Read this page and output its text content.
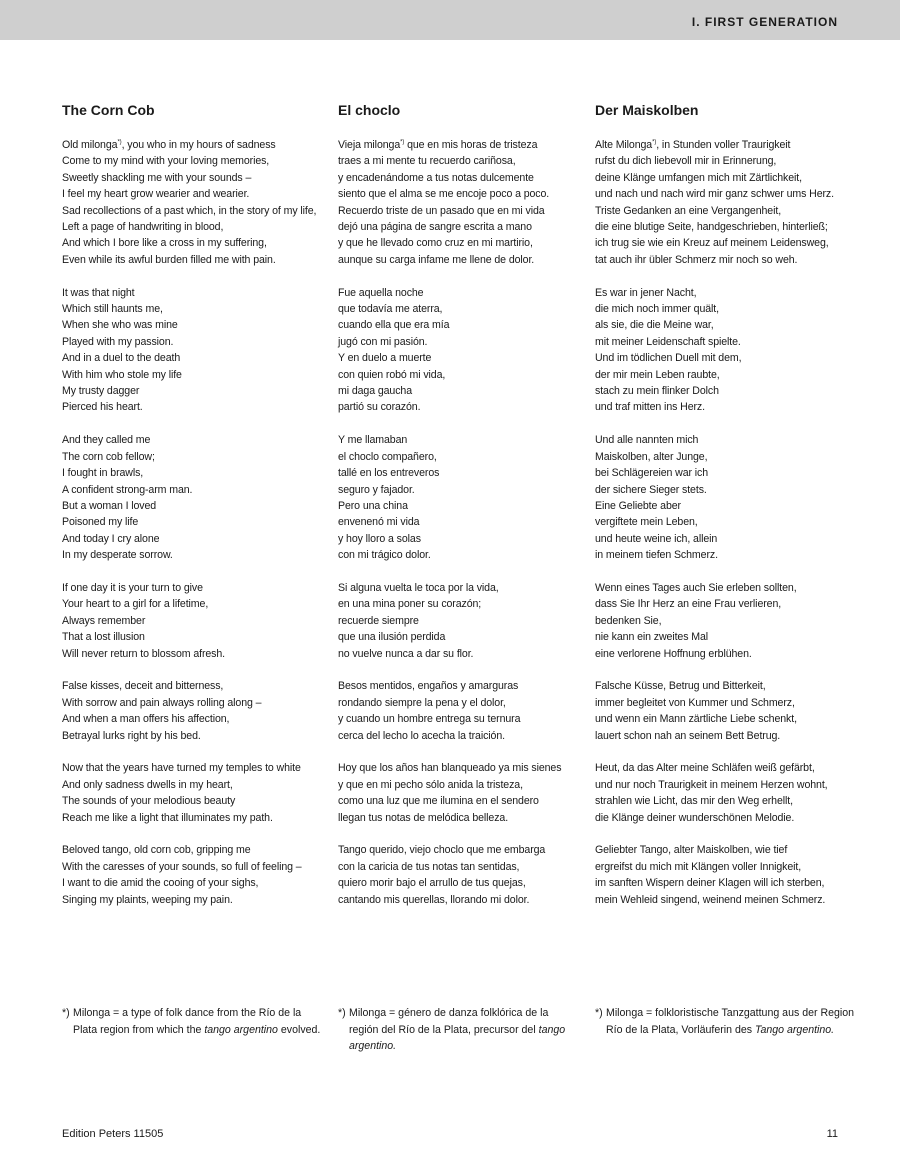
I. FIRST GENERATION
The Corn Cob
Old milonga*), you who in my hours of sadness
Come to my mind with your loving memories,
Sweetly shackling me with your sounds –
I feel my heart grow wearier and wearier.
Sad recollections of a past which, in the story of my life,
Left a page of handwriting in blood,
And which I bore like a cross in my suffering,
Even while its awful burden filled me with pain.
It was that night
Which still haunts me,
When she who was mine
Played with my passion.
And in a duel to the death
With him who stole my life
My trusty dagger
Pierced his heart.
And they called me
The corn cob fellow;
I fought in brawls,
A confident strong-arm man.
But a woman I loved
Poisoned my life
And today I cry alone
In my desperate sorrow.
If one day it is your turn to give
Your heart to a girl for a lifetime,
Always remember
That a lost illusion
Will never return to blossom afresh.
False kisses, deceit and bitterness,
With sorrow and pain always rolling along –
And when a man offers his affection,
Betrayal lurks right by his bed.
Now that the years have turned my temples to white
And only sadness dwells in my heart,
The sounds of your melodious beauty
Reach me like a light that illuminates my path.
Beloved tango, old corn cob, gripping me
With the caresses of your sounds, so full of feeling –
I want to die amid the cooing of your sighs,
Singing my plaints, weeping my pain.
El choclo
Vieja milonga*) que en mis horas de tristeza
traes a mi mente tu recuerdo cariñosa,
y encadenándome a tus notas dulcemente
siento que el alma se me encoje poco a poco.
Recuerdo triste de un pasado que en mi vida
dejó una página de sangre escrita a mano
y que he llevado como cruz en mi martirio,
aunque su carga infame me llene de dolor.
Fue aquella noche
que todavía me aterra,
cuando ella que era mía
jugó con mi pasión.
Y en duelo a muerte
con quien robó mi vida,
mi daga gaucha
partió su corazón.
Y me llamaban
el choclo compañero,
tallé en los entreveros
seguro y fajador.
Pero una china
envenenó mi vida
y hoy lloro a solas
con mi trágico dolor.
Si alguna vuelta le toca por la vida,
en una mina poner su corazón;
recuerde siempre
que una ilusión perdida
no vuelve nunca a dar su flor.
Besos mentidos, engaños y amarguras
rondando siempre la pena y el dolor,
y cuando un hombre entrega su ternura
cerca del lecho lo acecha la traición.
Hoy que los años han blanqueado ya mis sienes
y que en mi pecho sólo anida la tristeza,
como una luz que me ilumina en el sendero
llegan tus notas de melódica belleza.
Tango querido, viejo choclo que me embarga
con la caricia de tus notas tan sentidas,
quiero morir bajo el arrullo de tus quejas,
cantando mis querellas, llorando mi dolor.
Der Maiskolben
Alte Milonga*), in Stunden voller Traurigkeit
rufst du dich liebevoll mir in Erinnerung,
deine Klänge umfangen mich mit Zärtlichkeit,
und nach und nach wird mir ganz schwer ums Herz.
Triste Gedanken an eine Vergangenheit,
die eine blutige Seite, handgeschrieben, hinterließ;
ich trug sie wie ein Kreuz auf meinem Leidensweg,
tat auch ihr übler Schmerz mir noch so weh.
Es war in jener Nacht,
die mich noch immer quält,
als sie, die die Meine war,
mit meiner Leidenschaft spielte.
Und im tödlichen Duell mit dem,
der mir mein Leben raubte,
stach zu mein flinker Dolch
und traf mitten ins Herz.
Und alle nannten mich
Maiskolben, alter Junge,
bei Schlägereien war ich
der sichere Sieger stets.
Eine Geliebte aber
vergiftete mein Leben,
und heute weine ich, allein
in meinem tiefen Schmerz.
Wenn eines Tages auch Sie erleben sollten,
dass Sie Ihr Herz an eine Frau verlieren,
bedenken Sie,
nie kann ein zweites Mal
eine verlorene Hoffnung erblühen.
Falsche Küsse, Betrug und Bitterkeit,
immer begleitet von Kummer und Schmerz,
und wenn ein Mann zärtliche Liebe schenkt,
lauert schon nah an seinem Bett Betrug.
Heut, da das Alter meine Schläfen weiß gefärbt,
und nur noch Traurigkeit in meinem Herzen wohnt,
strahlen wie Licht, das mir den Weg erhellt,
die Klänge deiner wunderschönen Melodie.
Geliebter Tango, alter Maiskolben, wie tief
ergreifst du mich mit Klängen voller Innigkeit,
im sanften Wispern deiner Klagen will ich sterben,
mein Wehleid singend, weinend meinen Schmerz.
*) Milonga = a type of folk dance from the Río de la Plata region from which the tango argentino evolved.
*) Milonga = género de danza folklórica de la región del Río de la Plata, precursor del tango argentino.
*) Milonga = folkloristische Tanzgattung aus der Region Río de la Plata, Vorläuferin des Tango argentino.
Edition Peters 11505	11
